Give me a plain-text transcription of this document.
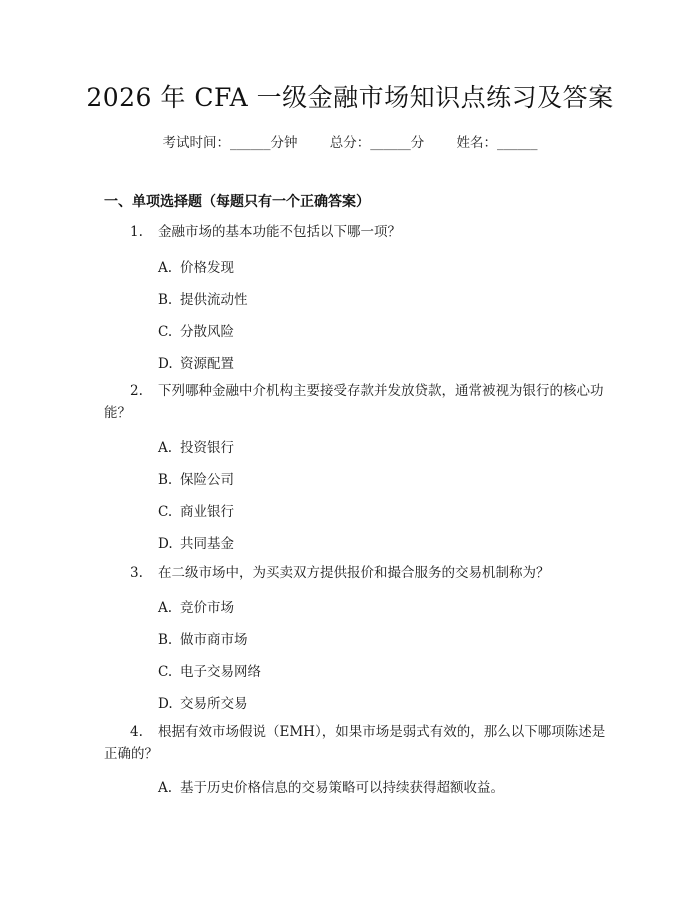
2026 年 CFA 一级金融市场知识点练习及答案
考试时间：______分钟 总分：______分 姓名：______
一、单项选择题（每题只有一个正确答案）
1. 金融市场的基本功能不包括以下哪一项？
A. 价格发现
B. 提供流动性
C. 分散风险
D. 资源配置
2. 下列哪种金融中介机构主要接受存款并发放贷款，通常被视为银行的核心功能？
A. 投资银行
B. 保险公司
C. 商业银行
D. 共同基金
3. 在二级市场中，为买卖双方提供报价和撮合服务的交易机制称为？
A. 竞价市场
B. 做市商市场
C. 电子交易网络
D. 交易所交易
4. 根据有效市场假说（EMH），如果市场是弱式有效的，那么以下哪项陈述是正确的？
A. 基于历史价格信息的交易策略可以持续获得超额收益。
